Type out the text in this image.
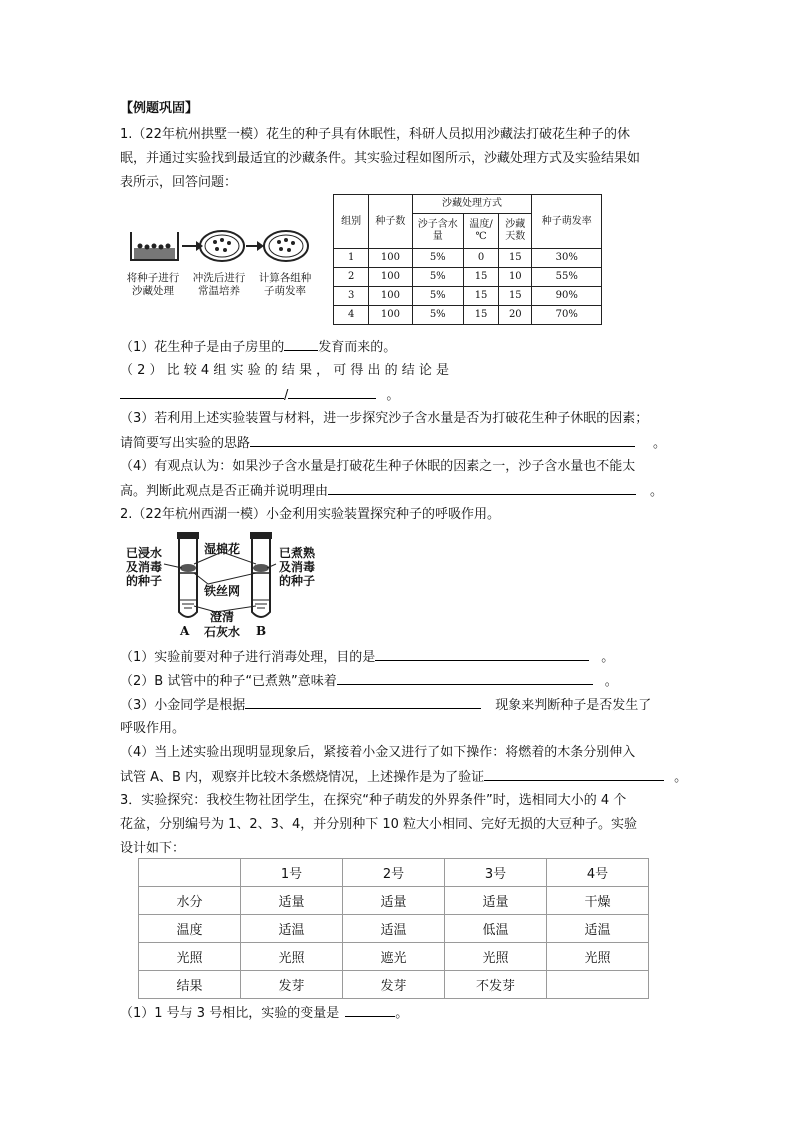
【例题巩固】
1.（22年杭州拱墅一模）花生的种子具有休眠性，科研人员拟用沙藏法打破花生种子的休
眠，并通过实验找到最适宜的沙藏条件。其实验过程如图所示，沙藏处理方式及实验结果如
表所示，回答问题：
将种子进行沙藏处理
冲洗后进行常温培养
计算各组种子萌发率
组别	种子数	沙藏处理方式			种子萌发率
		沙子含水量	温度/℃	沙藏天数	
1	100	5%	0	15	30%
2	100	5%	15	10	55%
3	100	5%	15	15	90%
4	100	5%	15	20	70%
（1）花生种子是由子房里的	发育而来的。
（ 2 ） 比 较 4 组 实 验 的 结 果 ， 可 得 出 的 结 论 是
/	。
（3）若利用上述实验装置与材料，进一步探究沙子含水量是否为打破花生种子休眠的因素；
请简要写出实验的思路	。
（4）有观点认为：如果沙子含水量是打破花生种子休眠的因素之一，沙子含水量也不能太
高。判断此观点是否正确并说明理由	。
2.（22年杭州西湖一模）小金利用实验装置探究种子的呼吸作用。
已浸水
及消毒
的种子
湿棉花	已煮熟
及消毒
的种子
铁丝网
澄清
石灰水
A	B
（1）实验前要对种子进行消毒处理，目的是	。
（2）B 试管中的种子“已煮熟”意味着	。
（3）小金同学是根据	现象来判断种子是否发生了
呼吸作用。
（4）当上述实验出现明显现象后，紧接着小金又进行了如下操作：将燃着的木条分别伸入
试管 A、B 内，观察并比较木条燃烧情况，上述操作是为了验证	。
3．实验探究：我校生物社团学生，在探究“种子萌发的外界条件”时，选相同大小的 4 个
花盆，分别编号为 1、2、3、4，并分别种下 10 粒大小相同、完好无损的大豆种子。实验
设计如下：
	1号	2号	3号	4号
水分	适量	适量	适量	干燥
温度	适温	适温	低温	适温
光照	光照	遮光	光照	光照
结果	发芽	发芽	不发芽	
（1）1 号与 3 号相比，实验的变量是	。
